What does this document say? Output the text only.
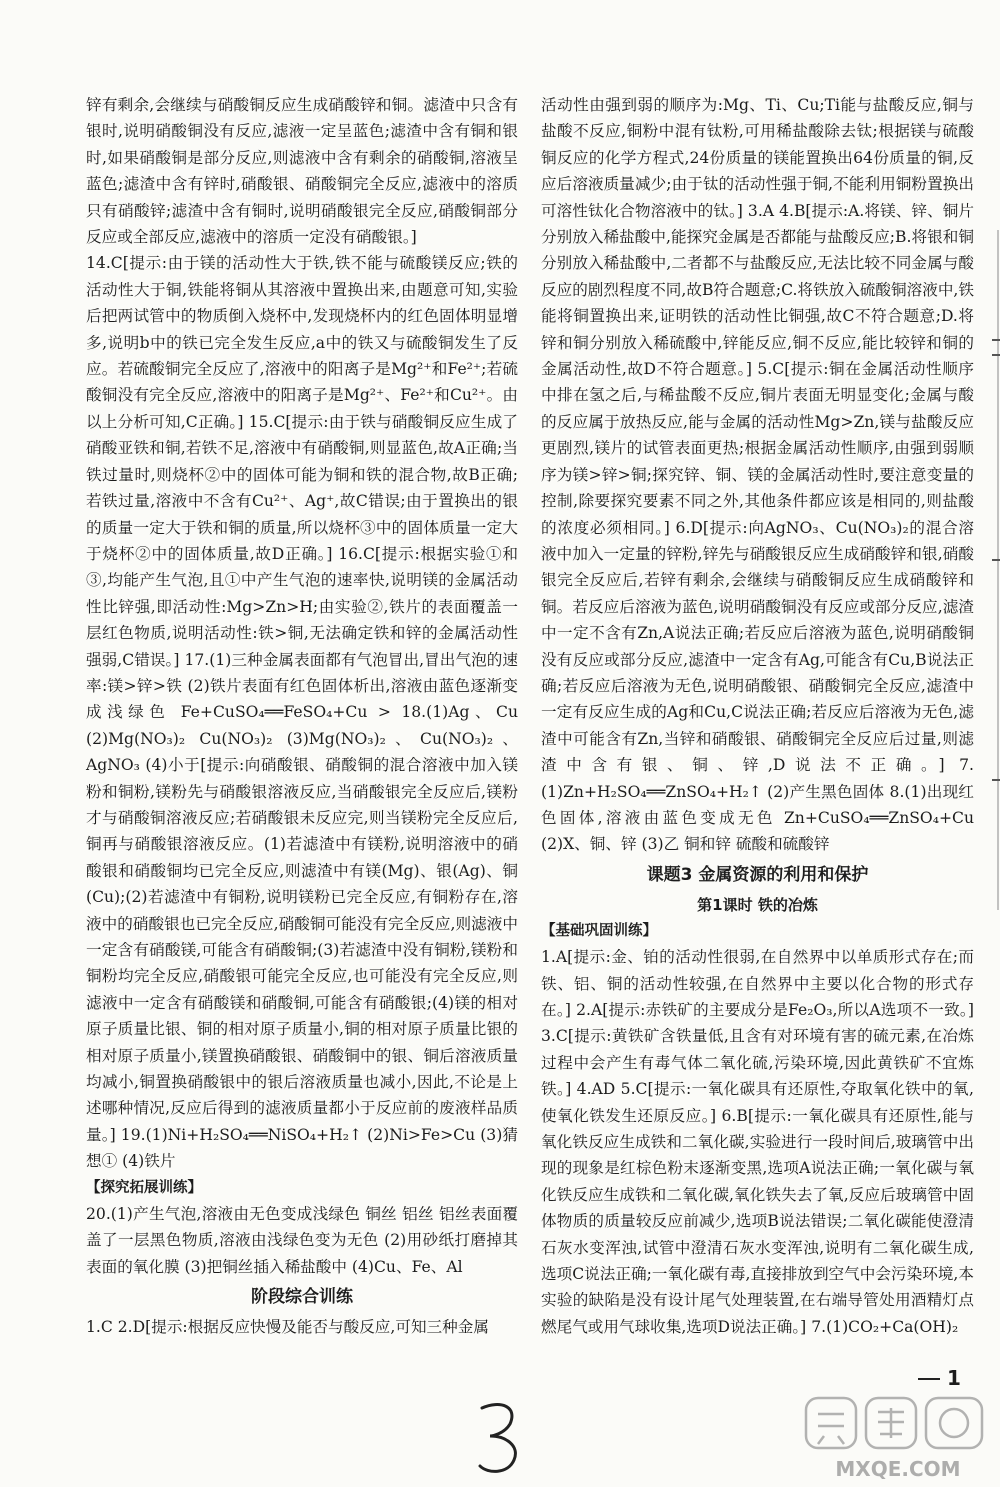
锌有剩余,会继续与硝酸铜反应生成硝酸锌和铜。滤渣中只含有银时,说明硝酸铜没有反应,滤液一定呈蓝色;滤渣中含有铜和银时,如果硝酸铜是部分反应,则滤液中含有剩余的硝酸铜,溶液呈蓝色;滤渣中含有锌时,硝酸银、硝酸铜完全反应,滤液中的溶质只有硝酸锌;滤渣中含有铜时,说明硝酸银完全反应,硝酸铜部分反应或全部反应,滤液中的溶质一定没有硝酸银。]

14.C[提示:由于镁的活动性大于铁,铁不能与硫酸镁反应;铁的活动性大于铜,铁能将铜从其溶液中置换出来,由题意可知,实验后把两试管中的物质倒入烧杯中,发现烧杯内的红色固体明显增多,说明b中的铁已完全发生反应,a中的铁又与硫酸铜发生了反应。若硫酸铜完全反应了,溶液中的阳离子是Mg²⁺和Fe²⁺;若硫酸铜没有完全反应,溶液中的阳离子是Mg²⁺、Fe²⁺和Cu²⁺。由以上分析可知,C正确。] 15.C[提示:由于铁与硝酸铜反应生成了硝酸亚铁和铜,若铁不足,溶液中有硝酸铜,则显蓝色,故A正确;当铁过量时,则烧杯②中的固体可能为铜和铁的混合物,故B正确;若铁过量,溶液中不含有Cu²⁺、Ag⁺,故C错误;由于置换出的银的质量一定大于铁和铜的质量,所以烧杯③中的固体质量一定大于烧杯②中的固体质量,故D正确。] 16.C[提示:根据实验①和③,均能产生气泡,且①中产生气泡的速率快,说明镁的金属活动性比锌强,即活动性:Mg>Zn>H;由实验②,铁片的表面覆盖一层红色物质,说明活动性:铁>铜,无法确定铁和锌的金属活动性强弱,C错误。] 17.(1)三种金属表面都有气泡冒出,冒出气泡的速率:镁>锌>铁 (2)铁片表面有红色固体析出,溶液由蓝色逐渐变成浅绿色 Fe+CuSO₄══FeSO₄+Cu > 18.(1)Ag、Cu (2)Mg(NO₃)₂ Cu(NO₃)₂ (3)Mg(NO₃)₂、Cu(NO₃)₂、AgNO₃ (4)小于[提示:向硝酸银、硝酸铜的混合溶液中加入镁粉和铜粉,镁粉先与硝酸银溶液反应,当硝酸银完全反应后,镁粉才与硝酸铜溶液反应;若硝酸银未反应完,则当镁粉完全反应后,铜再与硝酸银溶液反应。(1)若滤渣中有镁粉,说明溶液中的硝酸银和硝酸铜均已完全反应,则滤渣中有镁(Mg)、银(Ag)、铜(Cu);(2)若滤渣中有铜粉,说明镁粉已完全反应,有铜粉存在,溶液中的硝酸银也已完全反应,硝酸铜可能没有完全反应,则滤液中一定含有硝酸镁,可能含有硝酸铜;(3)若滤渣中没有铜粉,镁粉和铜粉均完全反应,硝酸银可能完全反应,也可能没有完全反应,则滤液中一定含有硝酸镁和硝酸铜,可能含有硝酸银;(4)镁的相对原子质量比银、铜的相对原子质量小,铜的相对原子质量比银的相对原子质量小,镁置换硝酸银、硝酸铜中的银、铜后溶液质量均减小,铜置换硝酸银中的银后溶液质量也减小,因此,不论是上述哪种情况,反应后得到的滤液质量都小于反应前的废液样品质量。] 19.(1)Ni+H₂SO₄══NiSO₄+H₂↑ (2)Ni>Fe>Cu (3)猜想① (4)铁片

【探究拓展训练】

20.(1)产生气泡,溶液由无色变成浅绿色 铜丝 铝丝 铝丝表面覆盖了一层黑色物质,溶液由浅绿色变为无色 (2)用砂纸打磨掉其表面的氧化膜 (3)把铜丝插入稀盐酸中 (4)Cu、Fe、Al

阶段综合训练

1.C 2.D[提示:根据反应快慢及能否与酸反应,可知三种金属

活动性由强到弱的顺序为:Mg、Ti、Cu;Ti能与盐酸反应,铜与盐酸不反应,铜粉中混有钛粉,可用稀盐酸除去钛;根据镁与硫酸铜反应的化学方程式,24份质量的镁能置换出64份质量的铜,反应后溶液质量减少;由于钛的活动性强于铜,不能利用铜粉置换出可溶性钛化合物溶液中的钛。] 3.A 4.B[提示:A.将镁、锌、铜片分别放入稀盐酸中,能探究金属是否都能与盐酸反应;B.将银和铜分别放入稀盐酸中,二者都不与盐酸反应,无法比较不同金属与酸反应的剧烈程度不同,故B符合题意;C.将铁放入硫酸铜溶液中,铁能将铜置换出来,证明铁的活动性比铜强,故C不符合题意;D.将锌和铜分别放入稀硫酸中,锌能反应,铜不反应,能比较锌和铜的金属活动性,故D不符合题意。] 5.C[提示:铜在金属活动性顺序中排在氢之后,与稀盐酸不反应,铜片表面无明显变化;金属与酸的反应属于放热反应,能与金属的活动性Mg>Zn,镁与盐酸反应更剧烈,镁片的试管表面更热;根据金属活动性顺序,由强到弱顺序为镁>锌>铜;探究锌、铜、镁的金属活动性时,要注意变量的控制,除要探究要素不同之外,其他条件都应该是相同的,则盐酸的浓度必须相同。] 6.D[提示:向AgNO₃、Cu(NO₃)₂的混合溶液中加入一定量的锌粉,锌先与硝酸银反应生成硝酸锌和银,硝酸银完全反应后,若锌有剩余,会继续与硝酸铜反应生成硝酸锌和铜。若反应后溶液为蓝色,说明硝酸铜没有反应或部分反应,滤渣中一定不含有Zn,A说法正确;若反应后溶液为蓝色,说明硝酸铜没有反应或部分反应,滤渣中一定含有Ag,可能含有Cu,B说法正确;若反应后溶液为无色,说明硝酸银、硝酸铜完全反应,滤渣中一定有反应生成的Ag和Cu,C说法正确;若反应后溶液为无色,滤渣中可能含有Zn,当锌和硝酸银、硝酸铜完全反应后过量,则滤渣中含有银、铜、锌,D说法不正确。] 7.(1)Zn+H₂SO₄══ZnSO₄+H₂↑ (2)产生黑色固体 8.(1)出现红色固体,溶液由蓝色变成无色 Zn+CuSO₄══ZnSO₄+Cu (2)X、铜、锌 (3)乙 铜和锌 硫酸和硫酸锌

课题3 金属资源的利用和保护

第1课时 铁的冶炼

【基础巩固训练】

1.A[提示:金、铂的活动性很弱,在自然界中以单质形式存在;而铁、铝、铜的活动性较强,在自然界中主要以化合物的形式存在。] 2.A[提示:赤铁矿的主要成分是Fe₂O₃,所以A选项不一致。] 3.C[提示:黄铁矿含铁量低,且含有对环境有害的硫元素,在冶炼过程中会产生有毒气体二氧化硫,污染环境,因此黄铁矿不宜炼铁。] 4.AD 5.C[提示:一氧化碳具有还原性,夺取氧化铁中的氧,使氧化铁发生还原反应。] 6.B[提示:一氧化碳具有还原性,能与氧化铁反应生成铁和二氧化碳,实验进行一段时间后,玻璃管中出现的现象是红棕色粉末逐渐变黑,选项A说法正确;一氧化碳与氧化铁反应生成铁和二氧化碳,氧化铁失去了氧,反应后玻璃管中固体物质的质量较反应前减少,选项B说法错误;二氧化碳能使澄清石灰水变浑浊,试管中澄清石灰水变浑浊,说明有二氧化碳生成,选项C说法正确;一氧化碳有毒,直接排放到空气中会污染环境,本实验的缺陷是没有设计尾气处理装置,在右端导管处用酒精灯点燃尾气或用气球收集,选项D说法正确。] 7.(1)CO₂+Ca(OH)₂

1
MXQE.COM
